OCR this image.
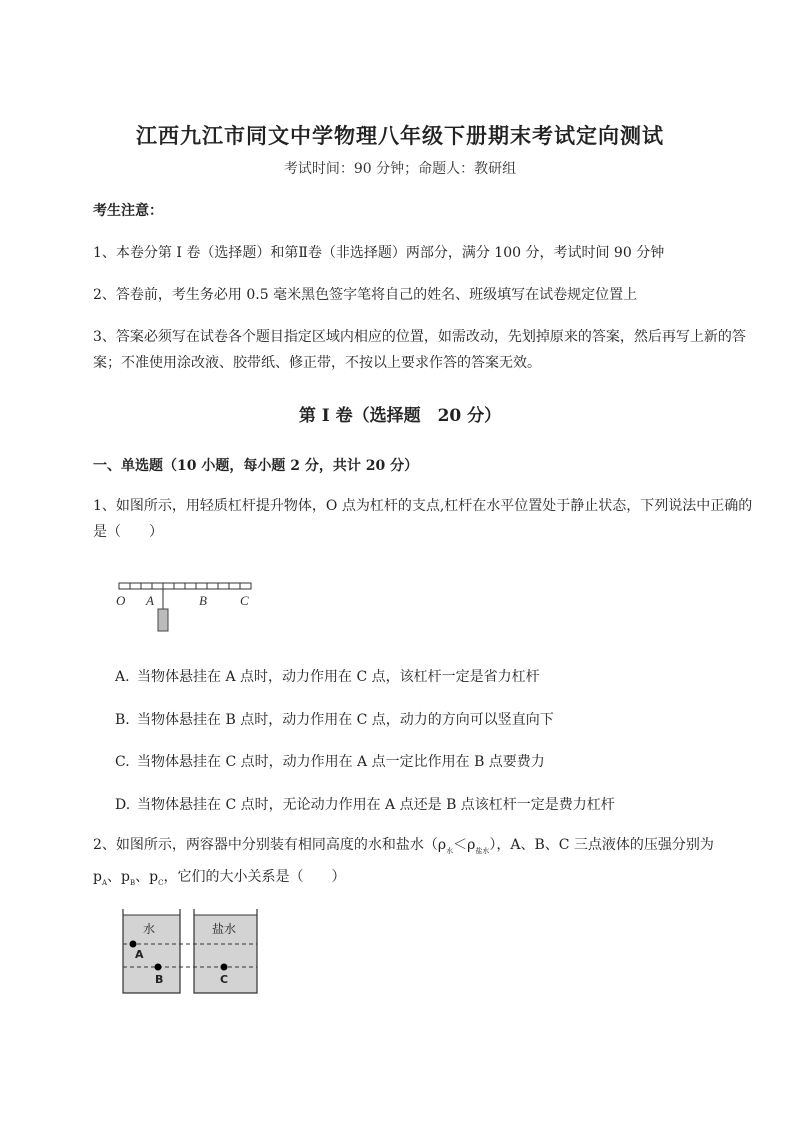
江西九江市同文中学物理八年级下册期末考试定向测试
考试时间：90 分钟；命题人：教研组
考生注意：
1、本卷分第 I 卷（选择题）和第Ⅱ卷（非选择题）两部分，满分 100 分，考试时间 90 分钟
2、答卷前，考生务必用 0.5 毫米黑色签字笔将自己的姓名、班级填写在试卷规定位置上
3、答案必须写在试卷各个题目指定区域内相应的位置，如需改动，先划掉原来的答案，然后再写上新的答案；不准使用涂改液、胶带纸、修正带，不按以上要求作答的答案无效。
第 I 卷（选择题　20 分）
一、单选题（10 小题，每小题 2 分，共计 20 分）
1、如图所示，用轻质杠杆提升物体，O 点为杠杆的支点,杠杆在水平位置处于静止状态，下列说法中正确的是（　　）
O A	B	C
A. 当物体悬挂在 A 点时，动力作用在 C 点，该杠杆一定是省力杠杆
B. 当物体悬挂在 B 点时，动力作用在 C 点，动力的方向可以竖直向下
C. 当物体悬挂在 C 点时，动力作用在 A 点一定比作用在 B 点要费力
D. 当物体悬挂在 C 点时，无论动力作用在 A 点还是 B 点该杠杆一定是费力杠杆
2、如图所示，两容器中分别装有相同高度的水和盐水$(\rho_水<\rho_{盐水})$，A、B、C 三点液体的压强分别为
$p_A$、$p_B$、$p_C$，它们的大小关系是（　　）
水	盐水
A
B	C
